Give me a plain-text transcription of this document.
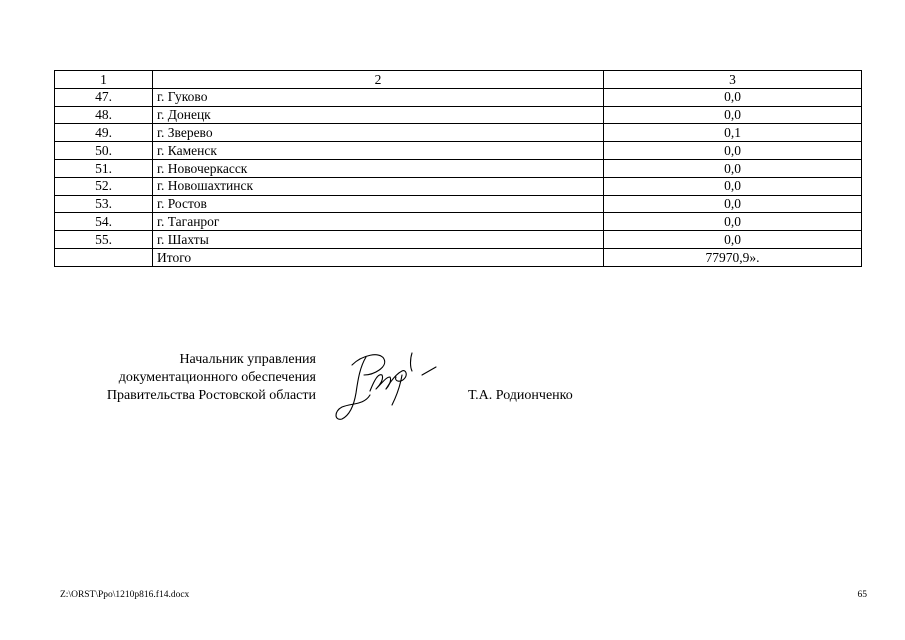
1	2	3
47.	г. Гуково	0,0
48.	г. Донецк	0,0
49.	г. Зверево	0,1
50.	г. Каменск	0,0
51.	г. Новочеркасск	0,0
52.	г. Новошахтинск	0,0
53.	г. Ростов	0,0
54.	г. Таганрог	0,0
55.	г. Шахты	0,0
	Итого	77970,9».
Начальник управления
документационного обеспечения
Правительства Ростовской области	Т.А. Родионченко
Z:\ORST\Ppo\1210p816.f14.docx	65
